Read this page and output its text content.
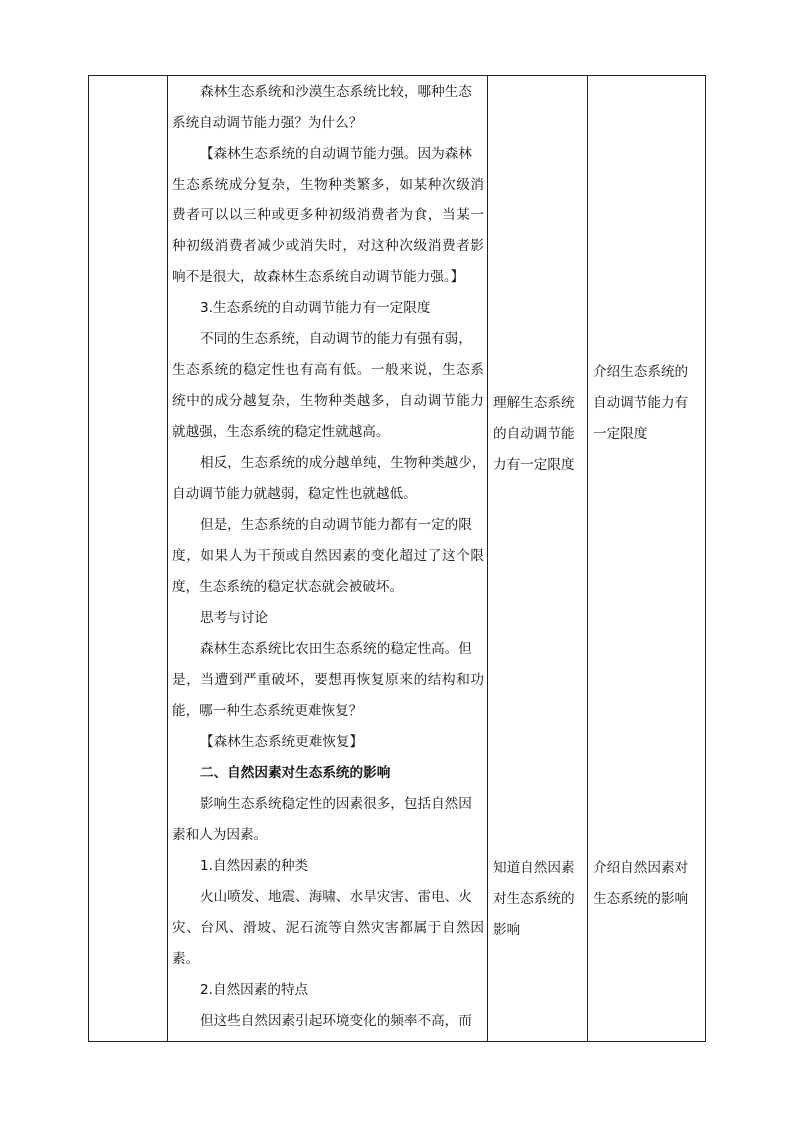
森林生态系统和沙漠生态系统比较，哪种生态
系统自动调节能力强？为什么？
【森林生态系统的自动调节能力强。因为森林
生态系统成分复杂，生物种类繁多，如某种次级消
费者可以以三种或更多种初级消费者为食，当某一
种初级消费者减少或消失时，对这种次级消费者影
响不是很大，故森林生态系统自动调节能力强。】
3.生态系统的自动调节能力有一定限度
不同的生态系统，自动调节的能力有强有弱，
生态系统的稳定性也有高有低。一般来说，生态系
统中的成分越复杂，生物种类越多，自动调节能力
就越强，生态系统的稳定性就越高。
相反，生态系统的成分越单纯，生物种类越少，
自动调节能力就越弱，稳定性也就越低。
但是，生态系统的自动调节能力都有一定的限
度，如果人为干预或自然因素的变化超过了这个限
度，生态系统的稳定状态就会被破坏。
思考与讨论
森林生态系统比农田生态系统的稳定性高。但
是，当遭到严重破坏，要想再恢复原来的结构和功
能，哪一种生态系统更难恢复？
【森林生态系统更难恢复】
二、自然因素对生态系统的影响
影响生态系统稳定性的因素很多，包括自然因
素和人为因素。
1.自然因素的种类
火山喷发、地震、海啸、水旱灾害、雷电、火
灾、台风、滑坡、泥石流等自然灾害都属于自然因
素。
2.自然因素的特点
但这些自然因素引起环境变化的频率不高，而
理解生态系统
的自动调节能
力有一定限度
知道自然因素
对生态系统的
影响
介绍生态系统的
自动调节能力有
一定限度
介绍自然因素对
生态系统的影响
